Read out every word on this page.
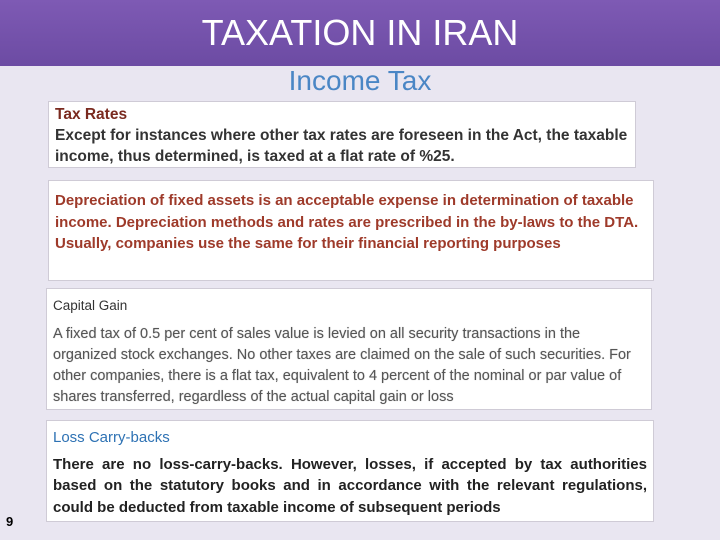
TAXATION IN IRAN
Income Tax
Tax Rates
Except for instances where other tax rates are foreseen in the Act, the taxable income, thus determined, is taxed at a flat rate of %25.
Depreciation of fixed assets is an acceptable expense in determination of taxable income. Depreciation methods and rates are prescribed in the by-laws to the DTA.
Usually, companies use the same for their financial reporting purposes
Capital Gain
A fixed tax of 0.5 per cent of sales value is levied on all security transactions in the organized stock exchanges. No other taxes are claimed on the sale of such securities. For other companies, there is a flat tax, equivalent to 4 percent of the nominal or par value of shares transferred, regardless of the actual capital gain or loss
Loss Carry-backs
There are no loss-carry-backs. However, losses, if accepted by tax authorities based on the statutory books and in accordance with the relevant regulations, could be deducted from taxable income of subsequent periods
9
